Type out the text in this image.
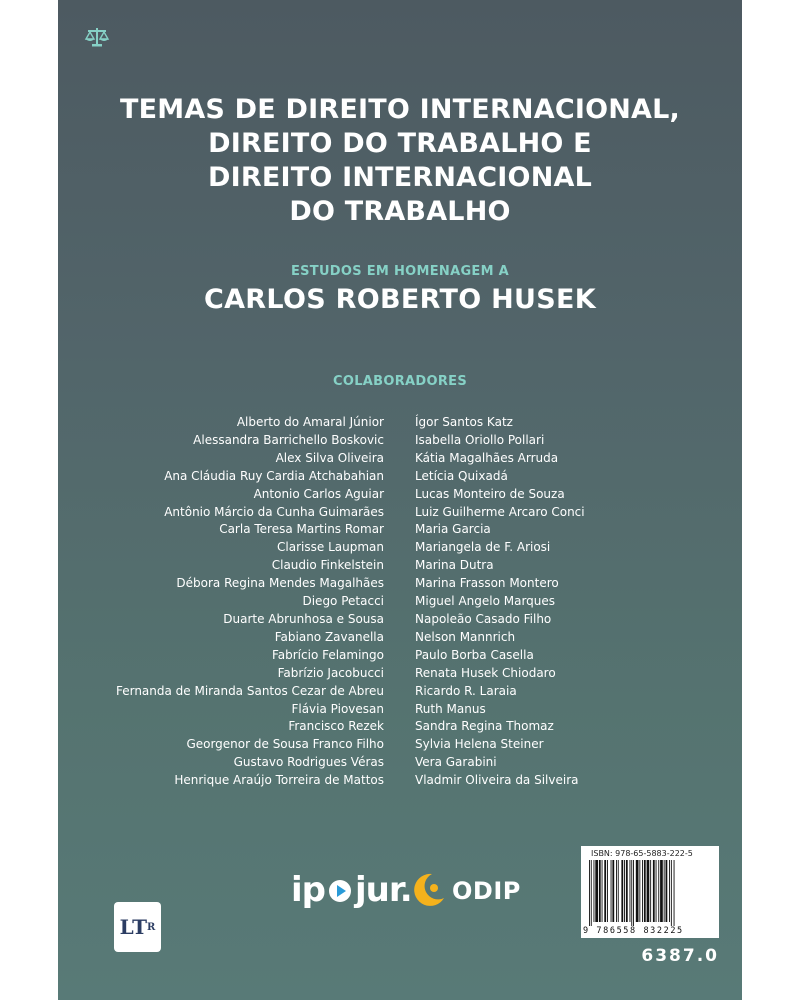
TEMAS DE DIREITO INTERNACIONAL,
DIREITO DO TRABALHO E
DIREITO INTERNACIONAL
DO TRABALHO
ESTUDOS EM HOMENAGEM A
CARLOS ROBERTO HUSEK
COLABORADORES
Alberto do Amaral Júnior
Alessandra Barrichello Boskovic
Alex Silva Oliveira
Ana Cláudia Ruy Cardia Atchabahian
Antonio Carlos Aguiar
Antônio Márcio da Cunha Guimarães
Carla Teresa Martins Romar
Clarisse Laupman
Claudio Finkelstein
Débora Regina Mendes Magalhães
Diego Petacci
Duarte Abrunhosa e Sousa
Fabiano Zavanella
Fabrício Felamingo
Fabrízio Jacobucci
Fernanda de Miranda Santos Cezar de Abreu
Flávia Piovesan
Francisco Rezek
Georgenor de Sousa Franco Filho
Gustavo Rodrigues Véras
Henrique Araújo Torreira de Mattos
Ígor Santos Katz
Isabella Oriollo Pollari
Kátia Magalhães Arruda
Letícia Quixadá
Lucas Monteiro de Souza
Luiz Guilherme Arcaro Conci
Maria Garcia
Mariangela de F. Ariosi
Marina Dutra
Marina Frasson Montero
Miguel Angelo Marques
Napoleão Casado Filho
Nelson Mannrich
Paulo Borba Casella
Renata Husek Chiodaro
Ricardo R. Laraia
Ruth Manus
Sandra Regina Thomaz
Sylvia Helena Steiner
Vera Garabini
Vladmir Oliveira da Silveira
ip jur. ODIP
LT R
ISBN: 978-65-5883-222-5
9 786558 832225
6387.0
